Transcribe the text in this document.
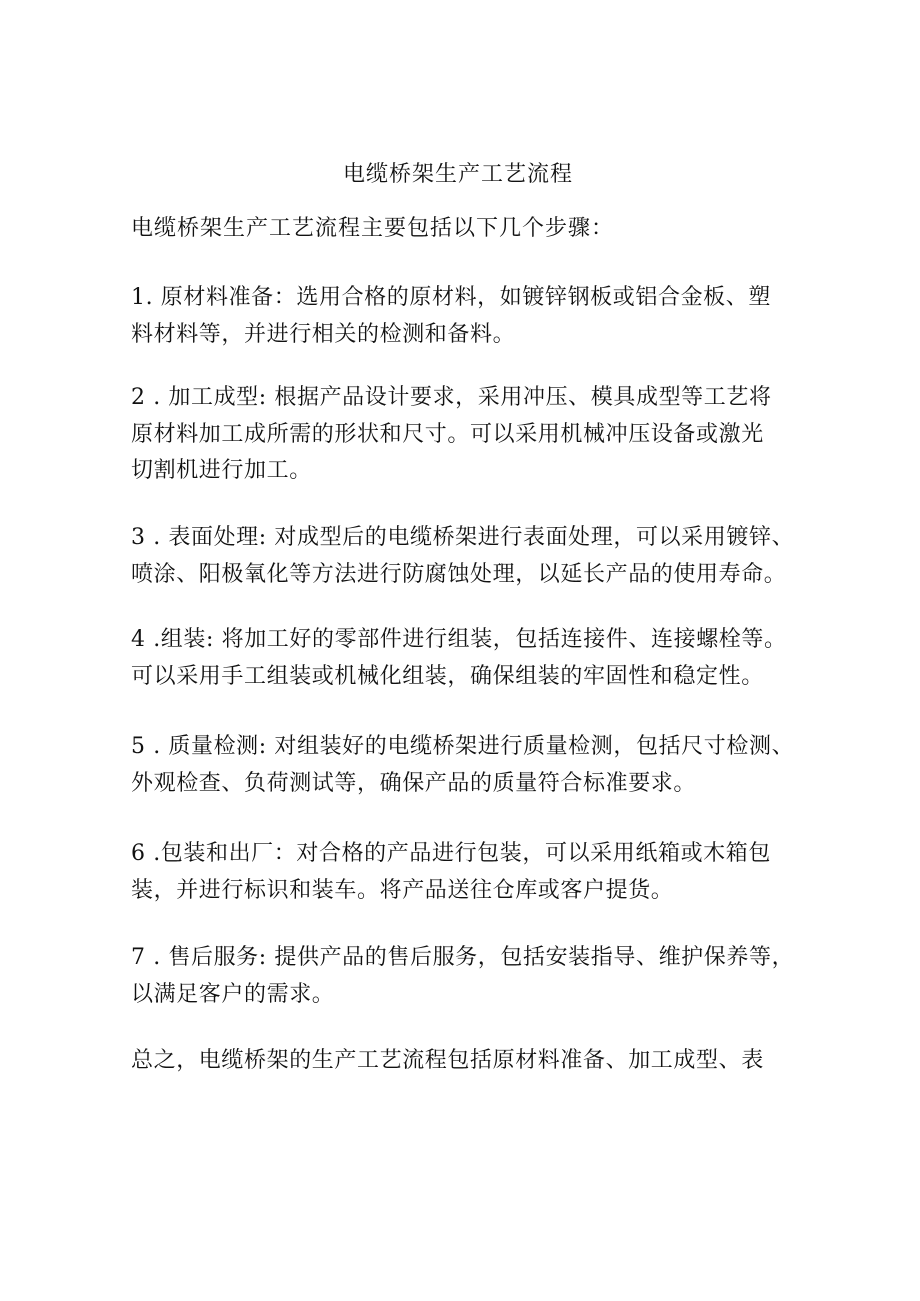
电缆桥架生产工艺流程
电缆桥架生产工艺流程主要包括以下几个步骤：
1. 原材料准备：选用合格的原材料，如镀锌钢板或铝合金板、塑
料材料等，并进行相关的检测和备料。
2 . 加工成型: 根据产品设计要求，采用冲压、模具成型等工艺将
原材料加工成所需的形状和尺寸。可以采用机械冲压设备或激光
切割机进行加工。
3 . 表面处理: 对成型后的电缆桥架进行表面处理，可以采用镀锌、
喷涂、阳极氧化等方法进行防腐蚀处理，以延长产品的使用寿命。
4 .组装: 将加工好的零部件进行组装，包括连接件、连接螺栓等。
可以采用手工组装或机械化组装，确保组装的牢固性和稳定性。
5 . 质量检测: 对组装好的电缆桥架进行质量检测，包括尺寸检测、
外观检查、负荷测试等，确保产品的质量符合标准要求。
6 .包装和出厂：对合格的产品进行包装，可以采用纸箱或木箱包
装，并进行标识和装车。将产品送往仓库或客户提货。
7 . 售后服务: 提供产品的售后服务，包括安装指导、维护保养等，
以满足客户的需求。
总之，电缆桥架的生产工艺流程包括原材料准备、加工成型、表
